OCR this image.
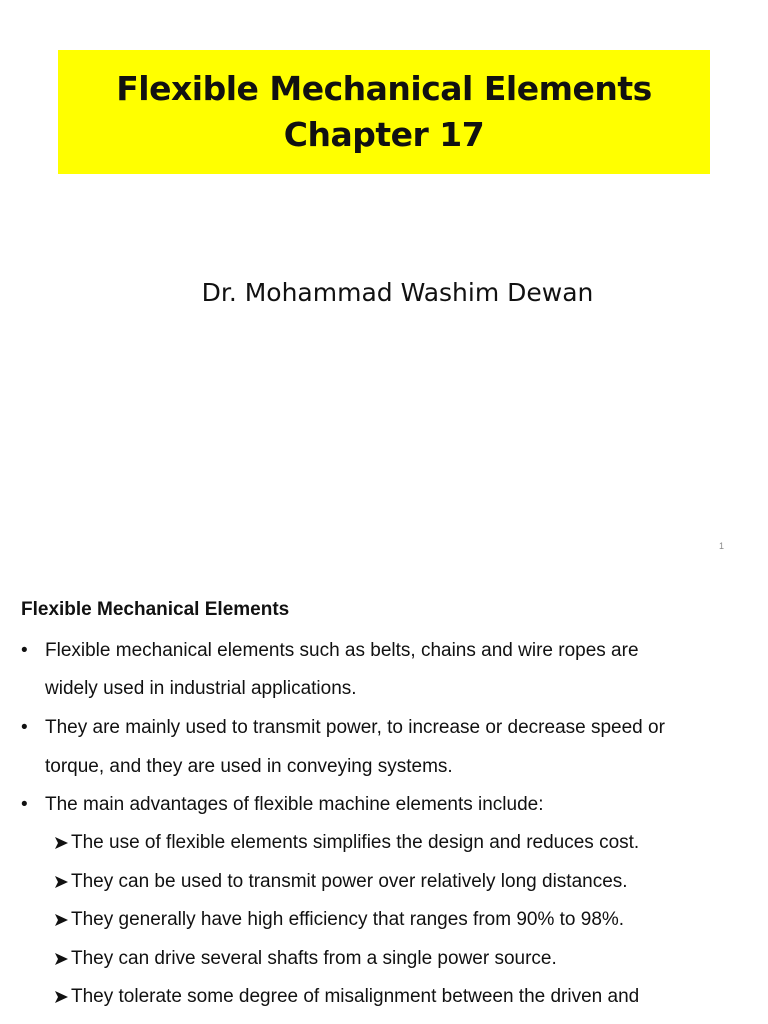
Flexible Mechanical Elements
Chapter 17
Dr. Mohammad Washim Dewan
1
Flexible Mechanical Elements
• Flexible mechanical elements such as belts, chains and wire ropes are
widely used in industrial applications.
• They are mainly used to transmit power, to increase or decrease speed or
torque, and they are used in conveying systems.
• The main advantages of flexible machine elements include:
The use of flexible elements simplifies the design and reduces cost.
They can be used to transmit power over relatively long distances.
They generally have high efficiency that ranges from 90% to 98%.
They can drive several shafts from a single power source.
They tolerate some degree of misalignment between the driven and
